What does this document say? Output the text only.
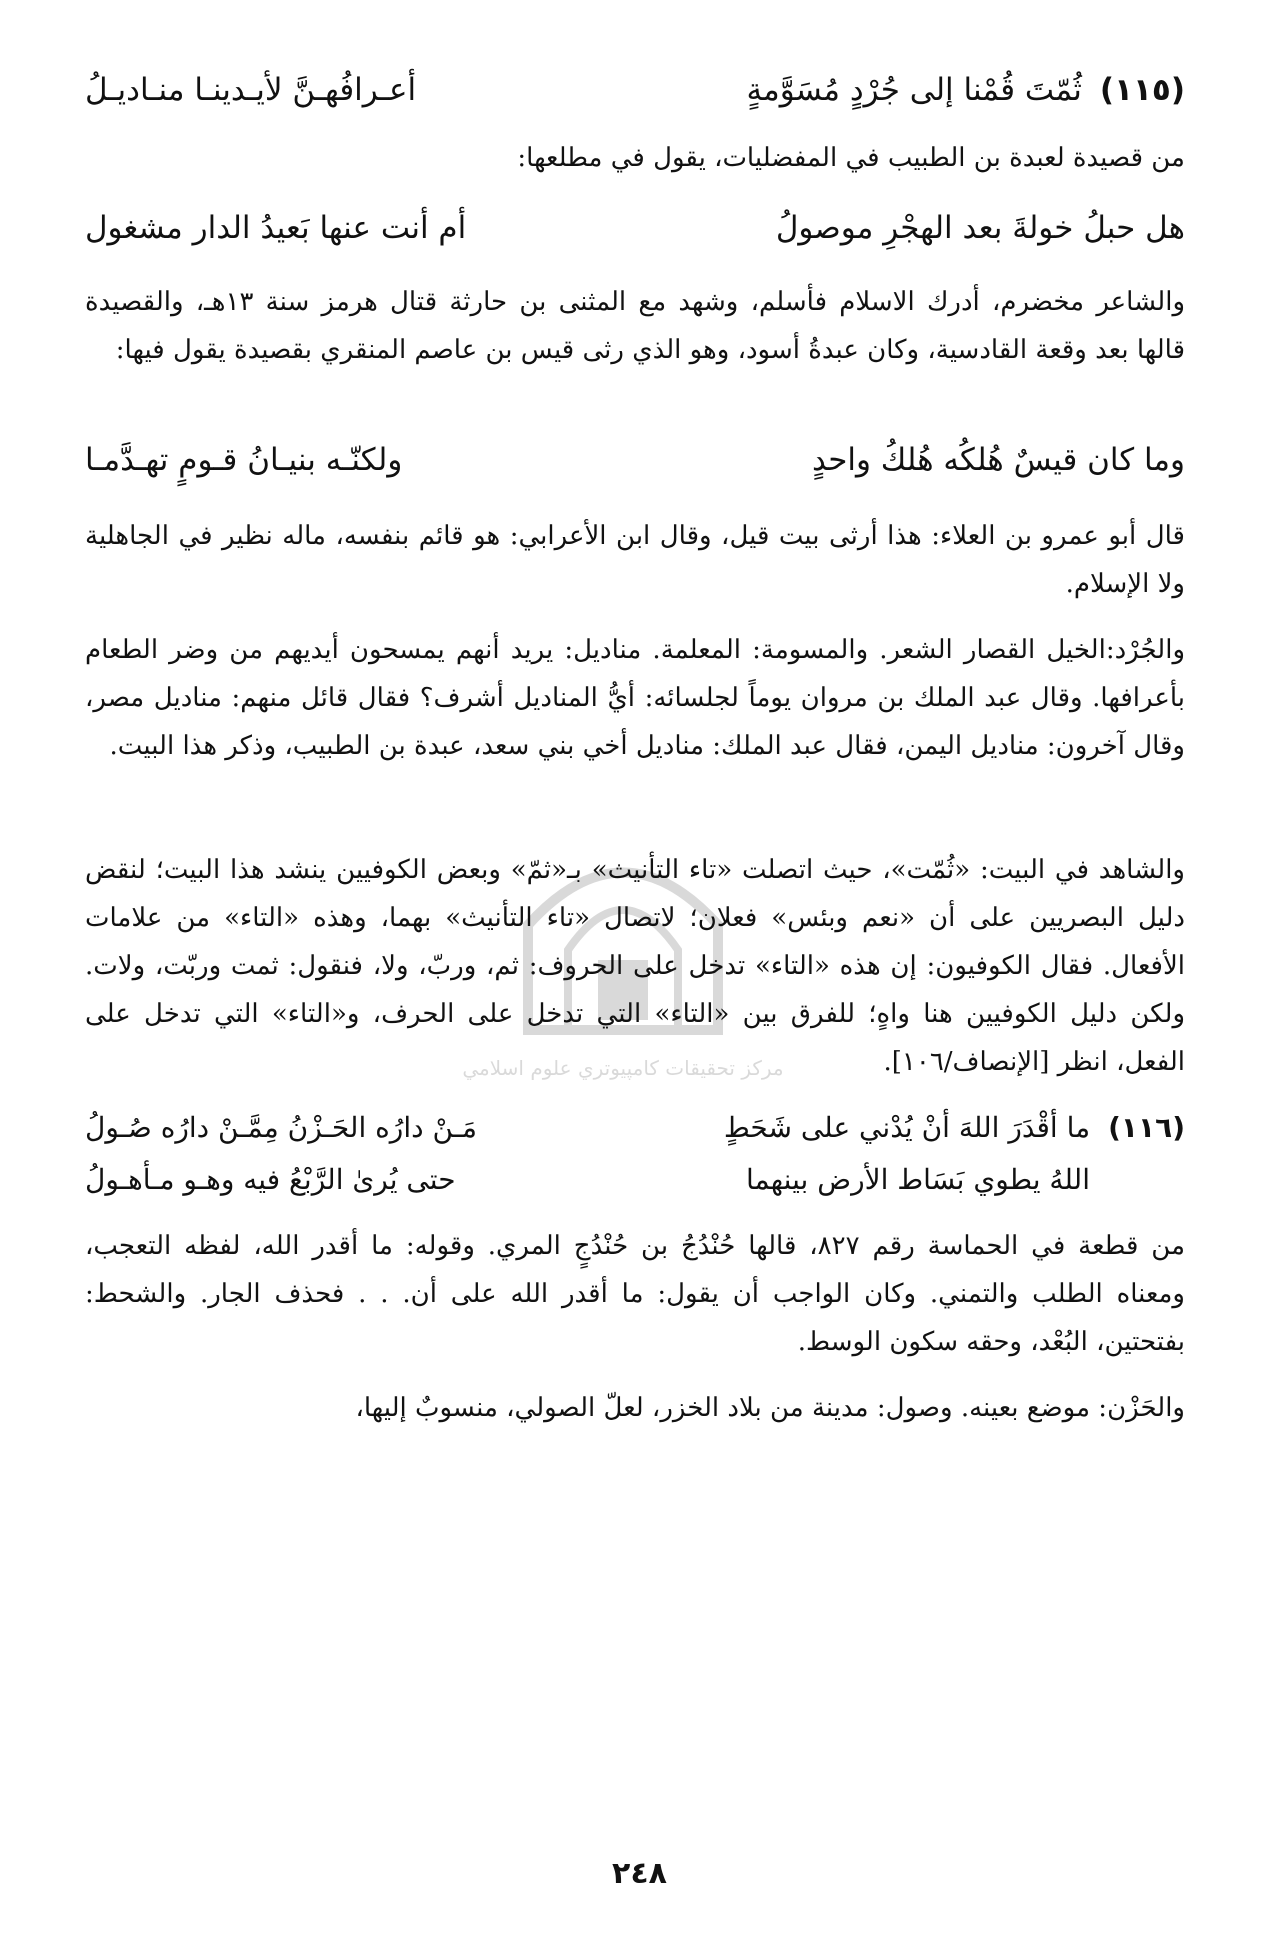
مركز تحقيقات كامپيوتري علوم اسلامي
(١١٥)ثُمّتَ قُمْنا إلى جُرْدٍ مُسَوَّمةٍ
أعـرافُهـنَّ لأيـدينـا منـاديـلُ

من قصيدة لعبدة بن الطبيب في المفضليات، يقول في مطلعها:

هل حبلُ خولةَ بعد الهجْرِ موصولُ
أم أنت عنها بَعيدُ الدار مشغول

والشاعر مخضرم، أدرك الاسلام فأسلم، وشهد مع المثنى بن حارثة قتال هرمز سنة ١٣هـ، والقصيدة قالها بعد وقعة القادسية، وكان عبدةُ أسود، وهو الذي رثى قيس بن عاصم المنقري بقصيدة يقول فيها:

وما كان قيسٌ هُلكُه هُلكُ واحدٍ
ولكنّـه بنيـانُ قـومٍ تهـدَّمـا

قال أبو عمرو بن العلاء: هذا أرثى بيت قيل، وقال ابن الأعرابي: هو قائم بنفسه، ماله نظير في الجاهلية ولا الإسلام.

والجُرْد:الخيل القصار الشعر. والمسومة: المعلمة. مناديل: يريد أنهم يمسحون أيديهم من وضر الطعام بأعرافها. وقال عبد الملك بن مروان يوماً لجلسائه: أيُّ المناديل أشرف؟ فقال قائل منهم: مناديل مصر، وقال آخرون: مناديل اليمن، فقال عبد الملك: مناديل أخي بني سعد، عبدة بن الطبيب، وذكر هذا البيت.

والشاهد في البيت: «ثُمّت»، حيث اتصلت «تاء التأنيث» بـ«ثمّ» وبعض الكوفيين ينشد هذا البيت؛ لنقض دليل البصريين على أن «نعم وبئس» فعلان؛ لاتصال «تاء التأنيث» بهما، وهذه «التاء» من علامات الأفعال. فقال الكوفيون: إن هذه «التاء» تدخل على الحروف: ثم، وربّ، ولا، فنقول: ثمت وربّت، ولات. ولكن دليل الكوفيين هنا واهٍ؛ للفرق بين «التاء» التي تدخل على الحرف، و«التاء» التي تدخل على الفعل، انظر [الإنصاف/١٠٦].

(١١٦)ما أقْدَرَ اللهَ أنْ يُدْني على شَحَطٍ
مَـنْ دارُه الحَـزْنُ مِمَّـنْ دارُه صُـولُ
اللهُ يطوي بَسَاط الأرض بينهما
حتى يُرىٰ الرَّبْعُ فيه وهـو مـأهـولُ

من قطعة في الحماسة رقم ٨٢٧، قالها حُنْدُجُ بن حُنْدُجٍ المري. وقوله: ما أقدر الله، لفظه التعجب، ومعناه الطلب والتمني. وكان الواجب أن يقول: ما أقدر الله على أن. . . فحذف الجار. والشحط: بفتحتين، البُعْد، وحقه سكون الوسط.

والحَزْن: موضع بعينه. وصول: مدينة من بلاد الخزر، لعلّ الصولي، منسوبٌ إليها،

٢٤٨
